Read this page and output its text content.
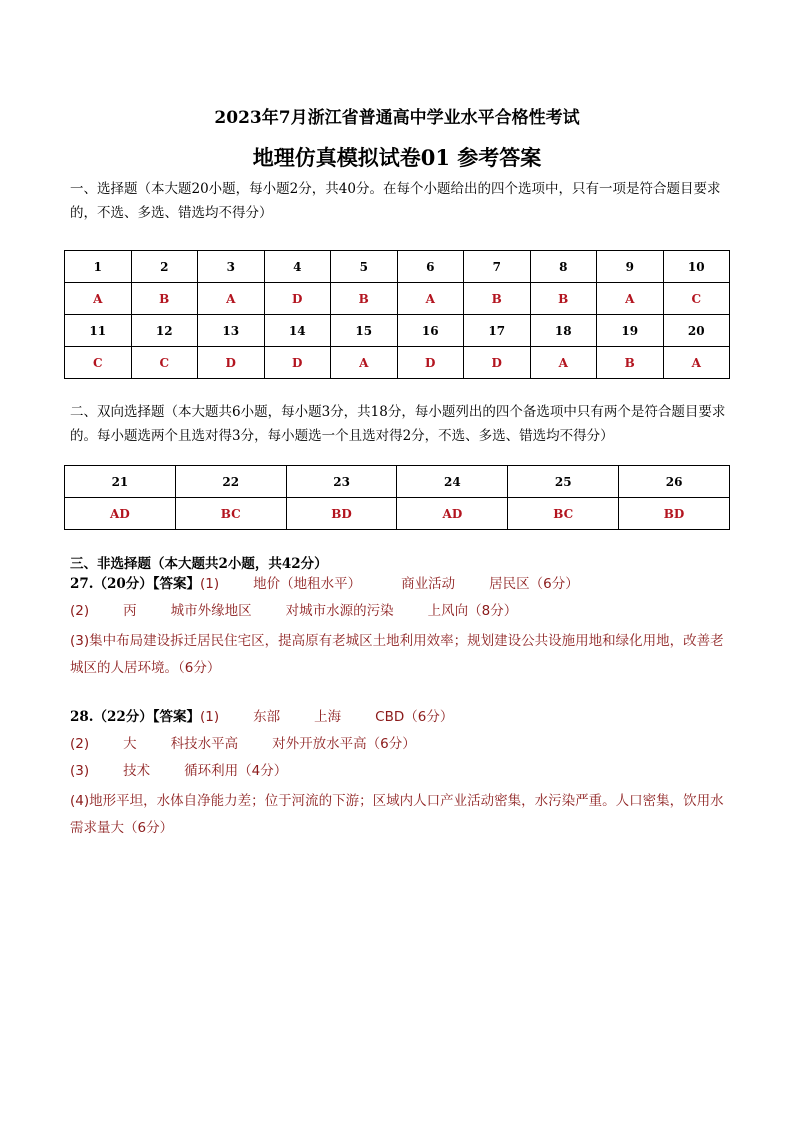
2023年7月浙江省普通高中学业水平合格性考试
地理仿真模拟试卷01 参考答案
一、选择题（本大题20小题，每小题2分，共40分。在每个小题给出的四个选项中，只有一项是符合题目要求的，不选、多选、错选均不得分）
1	2	3	4	5	6	7	8	9	10
A	B	A	D	B	A	B	B	A	C
11	12	13	14	15	16	17	18	19	20
C	C	D	D	A	D	D	A	B	A
二、双向选择题（本大题共6小题，每小题3分，共18分，每小题列出的四个备选项中只有两个是符合题目要求的。每小题选两个且选对得3分，每小题选一个且选对得2分，不选、多选、错选均不得分）
21	22	23	24	25	26
AD	BC	BD	AD	BC	BD
三、非选择题（本大题共2小题，共42分）
27.（20分）【答案】(1)	地价（地租水平）	商业活动	居民区（6分）
(2)	丙	城市外缘地区	对城市水源的污染	上风向（8分）
(3)集中布局建设拆迁居民住宅区，提高原有老城区土地利用效率；规划建设公共设施用地和绿化用地，改善老城区的人居环境。（6分）
28.（22分）【答案】(1)	东部	上海	CBD（6分）
(2)	大	科技水平高	对外开放水平高（6分）
(3)	技术	循环利用（4分）
(4)地形平坦，水体自净能力差；位于河流的下游；区域内人口产业活动密集，水污染严重。人口密集，饮用水需求量大（6分）
